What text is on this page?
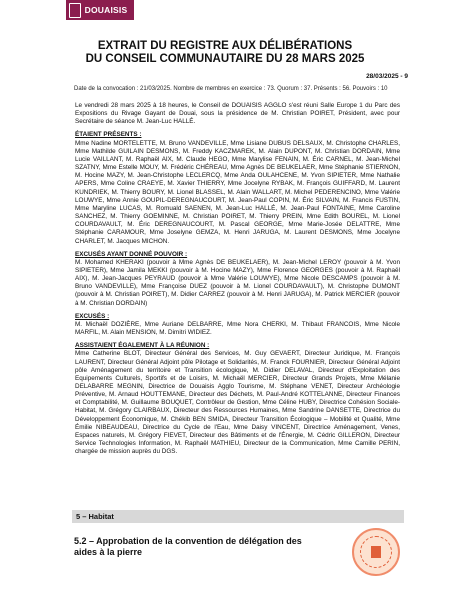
DOUAISIS
EXTRAIT DU REGISTRE AUX DÉLIBÉRATIONS
DU CONSEIL COMMUNAUTAIRE DU 28 MARS 2025
28/03/2025 - 9
Date de la convocation : 21/03/2025. Nombre de membres en exercice : 73. Quorum : 37. Présents : 56. Pouvoirs : 10

Le vendredi 28 mars 2025 à 18 heures, le Conseil de DOUAISIS AGGLO s'est réuni Salle Europe 1 du Parc des Expositions du Rivage Gayant de Douai, sous la présidence de M. Christian POIRET, Président, avec pour Secrétaire de séance M. Jean-Luc HALLÉ.

ÉTAIENT PRÉSENTS :

Mme Nadine MORTELETTE, M. Bruno VANDEVILLE, Mme Lisiane DUBUS DELSAUX, M. Christophe CHARLES, Mme Mathilde GUILAIN DESMONS, M. Freddy KACZMAREK, M. Alain DUPONT, M. Christian DORDAIN, Mme Lucie VAILLANT, M. Raphaël AIX, M. Claude HEGO, Mme Marylise FENAIN, M. Éric CARNEL, M. Jean-Michel SZATNY, Mme Estelle MOUY, M. Frédéric CHÉREAU, Mme Agnès DE BEUKELAER, Mme Stéphanie STIERNON, M. Hocine MAZY, M. Jean-Christophe LECLERCQ, Mme Anda OULAHCENE, M. Yvon SIPIETER, Mme Nathalie APERS, Mme Coline CRAEYE, M. Xavier THIERRY, Mme Jocelyne RYBAK, M. François GUIFFARD, M. Laurent KUNDRIEK, M. Thierry BOURY, M. Lionel BLASSEL, M. Alain WALLART, M. Michel PEDERENCINO, Mme Valérie LOUWYE, Mme Annie GOUPIL-DEREGNAUCOURT, M. Jean-Paul COPIN, M. Éric SILVAIN, M. Francis FUSTIN, Mme Maryline LUCAS, M. Romuald SAENEN, M. Jean-Luc HALLÉ, M. Jean-Paul FONTAINE, Mme Caroline SANCHEZ, M. Thierry GOEMINNE, M. Christian POIRET, M. Thierry PREIN, Mme Edith BOUREL, M. Lionel COURDAVAULT, M. Éric DEREGNAUCOURT, M. Pascal GEORGE, Mme Marie-Josée DELATTRE, Mme Stéphanie CARAMOUR, Mme Joselyne GEMZA, M. Henri JARUGA, M. Laurent DESMONS, Mme Jocelyne CHARLET, M. Jacques MICHON.

EXCUSÉS AYANT DONNÉ POUVOIR :

M. Mohamed KHERAKI (pouvoir à Mme Agnès DE BEUKELAER), M. Jean-Michel LEROY (pouvoir à M. Yvon SIPIETER), Mme Jamila MEKKI (pouvoir à M. Hocine MAZY), Mme Florence GEORGES (pouvoir à M. Raphaël AIX), M. Jean-Jacques PEYRAUD (pouvoir à Mme Valérie LOUWYE), Mme Nicole DESCAMPS (pouvoir à M. Bruno VANDEVILLE), Mme Françoise DUEZ (pouvoir à M. Lionel COURDAVAULT), M. Christophe DUMONT (pouvoir à M. Christian POIRET), M. Didier CARREZ (pouvoir à M. Henri JARUGA), M. Patrick MERCIER (pouvoir à M. Christian DORDAIN)

EXCUSÉS :

M. Michaël DOZIÈRE, Mme Auriane DELBARRE, Mme Nora CHERKI, M. Thibaut FRANCOIS, Mme Nicole MARFIL, M. Alain MENSION, M. Dimitri WIDIEZ.

ASSISTAIENT ÉGALEMENT À LA RÉUNION :

Mme Catherine BLOT, Directeur Général des Services, M. Guy GEVAERT, Directeur Juridique, M. François LAURENT, Directeur Général Adjoint pôle Pilotage et Solidarités, M. Franck FOURNIER, Directeur Général Adjoint pôle Aménagement du territoire et Transition écologique, M. Didier DELAVAL, Directeur d'Exploitation des Equipements Culturels, Sportifs et de Loisirs, M. Michaël MERCIER, Directeur Grands Projets, Mme Mélanie DELABARRE MEGNIN, Directrice de Douaisis Agglo Tourisme, M. Stéphane VENET, Directeur Archéologie Préventive, M. Arnaud HOUTTEMANE, Directeur des Déchets, M. Paul-André KOTTELANNE, Directeur Finances et Comptabilité, M. Guillaume BOUQUET, Contrôleur de Gestion, Mme Céline HUBY, Directrice Cohésion Sociale-Habitat, M. Grégory CLAIRBAUX, Directeur des Ressources Humaines, Mme Sandrine DANSETTE, Directrice du Développement Économique, M. Chékib BEN SMIDA, Directeur Transition Écologique – Mobilité et Qualité, Mme Émilie NIBEAUDEAU, Directrice du Cycle de l'Eau, Mme Daisy VINCENT, Directrice Aménagement, Venes, Espaces naturels, M. Grégory FIEVET, Directeur des Bâtiments et de l'Énergie, M. Cédric GILLERON, Directeur Service Technologies Information, M. Raphaël MATHIEU, Directeur de la Communication, Mme Camille PERIN, chargée de mission auprès du DGS.

5 – Habitat
5.2 – Approbation de la convention de délégation des aides à la pierre
